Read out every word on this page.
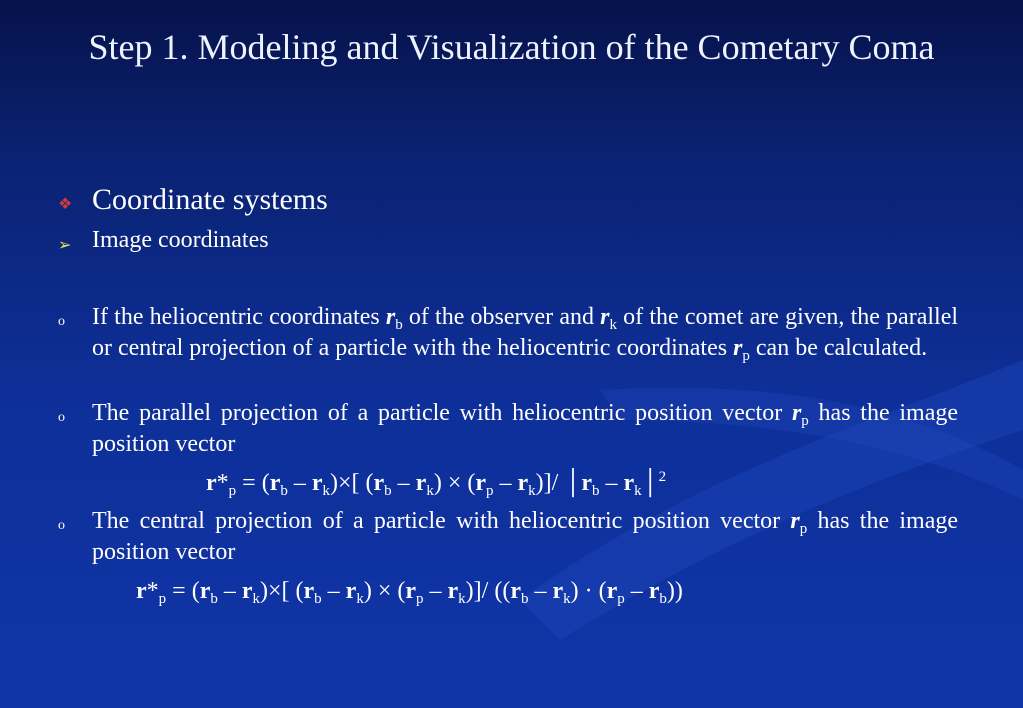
Step 1. Modeling and Visualization of the Cometary Coma
❖ Coordinate systems
➢ Image coordinates
o If the heliocentric coordinates $r_b$ of the observer and $r_k$ of the comet are given, the parallel or central projection of a particle with the heliocentric coordinates $r_p$ can be calculated.
o The parallel projection of a particle with heliocentric position vector $r_p$ has the image position vector
$r*_p = (r_b - r_k)\times$[ $(r_b - r_k) \times (r_p - r_k)]/$ $│r_b$ – $r_k│^2$
o The central projection of a particle with heliocentric position vector $r_p$ has the image position vector
$r*_p = (r_b - r_k)\times$[ $(r_b - r_k) \times (r_p - r_k)]/$ $((r_b - r_k) \cdot (r_p - r_b))$
